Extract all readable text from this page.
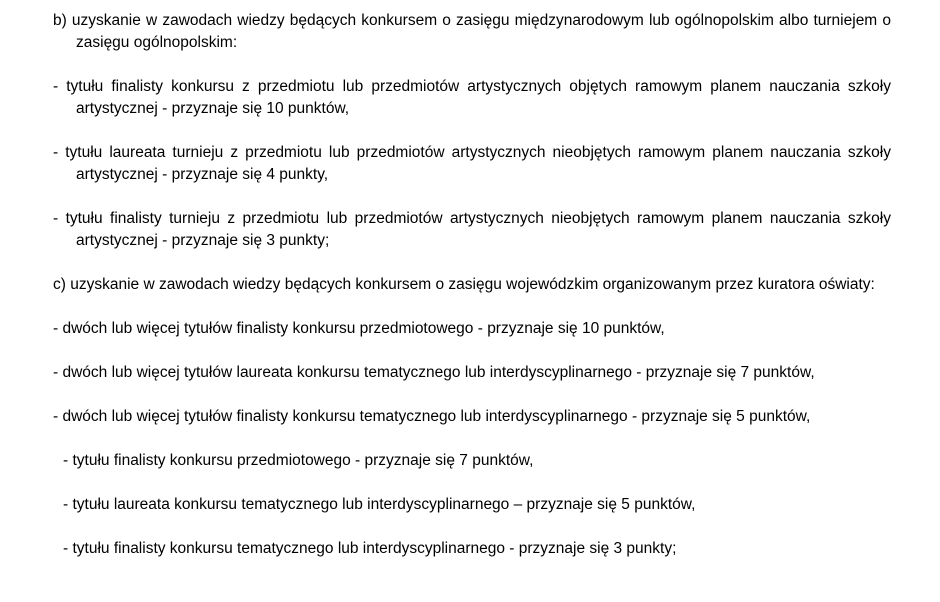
b) uzyskanie w zawodach wiedzy będących konkursem o zasięgu międzynarodowym lub ogólnopolskim albo turniejem o zasięgu ogólnopolskim:

- tytułu finalisty konkursu z przedmiotu lub przedmiotów artystycznych objętych ramowym planem nauczania szkoły artystycznej - przyznaje się 10 punktów,

- tytułu laureata turnieju z przedmiotu lub przedmiotów artystycznych nieobjętych ramowym planem nauczania szkoły artystycznej - przyznaje się 4 punkty,

- tytułu finalisty turnieju z przedmiotu lub przedmiotów artystycznych nieobjętych ramowym planem nauczania szkoły artystycznej - przyznaje się 3 punkty;

c) uzyskanie w zawodach wiedzy będących konkursem o zasięgu wojewódzkim organizowanym przez kuratora oświaty:

- dwóch lub więcej tytułów finalisty konkursu przedmiotowego - przyznaje się 10 punktów,

- dwóch lub więcej tytułów laureata konkursu tematycznego lub interdyscyplinarnego - przyznaje się 7 punktów,

- dwóch lub więcej tytułów finalisty konkursu tematycznego lub interdyscyplinarnego - przyznaje się 5 punktów,

- tytułu finalisty konkursu przedmiotowego - przyznaje się 7 punktów,

- tytułu laureata konkursu tematycznego lub interdyscyplinarnego – przyznaje się 5 punktów,

- tytułu finalisty konkursu tematycznego lub interdyscyplinarnego - przyznaje się 3 punkty;
